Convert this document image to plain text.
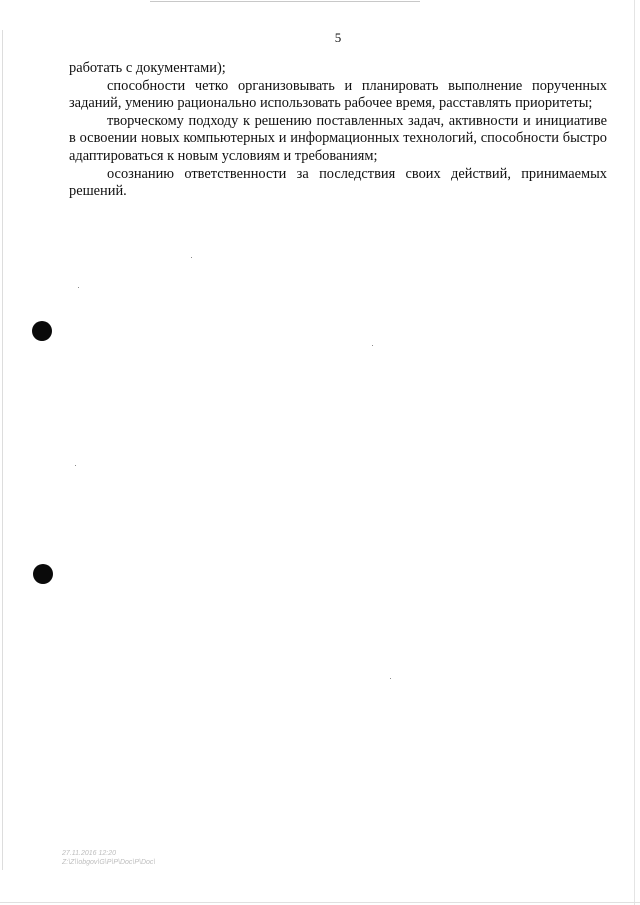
5

работать с документами);

способности четко организовывать и планировать выполнение порученных заданий, умению рационально использовать рабочее время, расставлять приоритеты;

творческому подходу к решению поставленных задач, активности и инициативе в освоении новых компьютерных и информационных технологий, способности быстро адаптироваться к новым условиям и требованиям;

осознанию ответственности за последствия своих действий, принимаемых решений.

27.11.2016 12:20
Z:\Z\\obgov\G\P\P\Doc\P\Doc\
